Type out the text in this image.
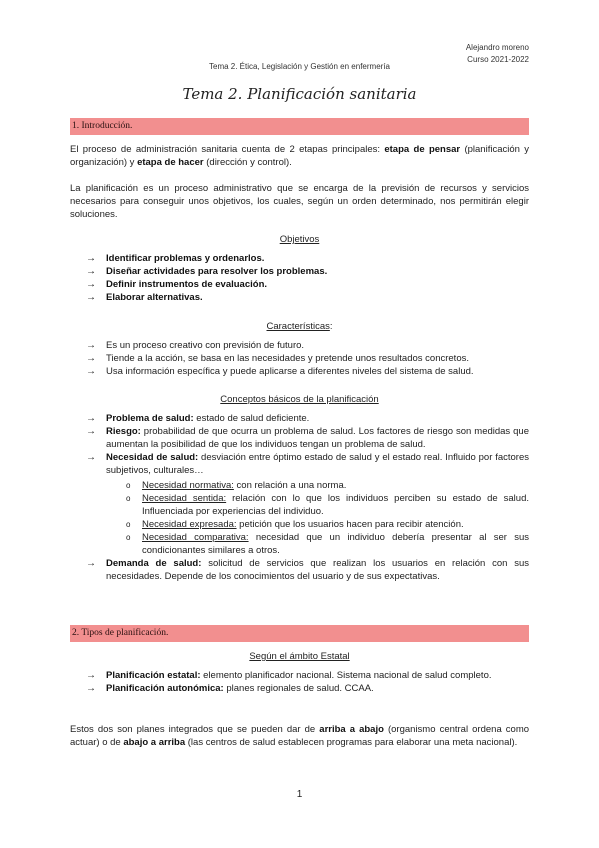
Alejandro moreno
Curso 2021-2022
Tema 2. Ética, Legislación y Gestión en enfermería
Tema 2. Planificación sanitaria
1. Introducción.

El proceso de administración sanitaria cuenta de 2 etapas principales: etapa de pensar (planificación y organización) y etapa de hacer (dirección y control).

La planificación es un proceso administrativo que se encarga de la previsión de recursos y servicios necesarios para conseguir unos objetivos, los cuales, según un orden determinado, nos permitirán elegir soluciones.

Objetivos
→ Identificar problemas y ordenarlos.
→ Diseñar actividades para resolver los problemas.
→ Definir instrumentos de evaluación.
→ Elaborar alternativas.
Características:
→ Es un proceso creativo con previsión de futuro.
→ Tiende a la acción, se basa en las necesidades y pretende unos resultados concretos.
→ Usa información específica y puede aplicarse a diferentes niveles del sistema de salud.
Conceptos básicos de la planificación
→ Problema de salud: estado de salud deficiente.
→ Riesgo: probabilidad de que ocurra un problema de salud. Los factores de riesgo son medidas que aumentan la posibilidad de que los individuos tengan un problema de salud.
→ Necesidad de salud: desviación entre óptimo estado de salud y el estado real. Influido por factores subjetivos, culturales…
o Necesidad normativa: con relación a una norma.
o Necesidad sentida: relación con lo que los individuos perciben su estado de salud. Influenciada por experiencias del individuo.
o Necesidad expresada: petición que los usuarios hacen para recibir atención.
o Necesidad comparativa: necesidad que un individuo debería presentar al ser sus condicionantes similares a otros.
→ Demanda de salud: solicitud de servicios que realizan los usuarios en relación con sus necesidades. Depende de los conocimientos del usuario y de sus expectativas.
2. Tipos de planificación.
Según el ámbito Estatal
→ Planificación estatal: elemento planificador nacional. Sistema nacional de salud completo.
→ Planificación autonómica: planes regionales de salud. CCAA.

Estos dos son planes integrados que se pueden dar de arriba a abajo (organismo central ordena como actuar) o de abajo a arriba (las centros de salud establecen programas para elaborar una meta nacional).

1
